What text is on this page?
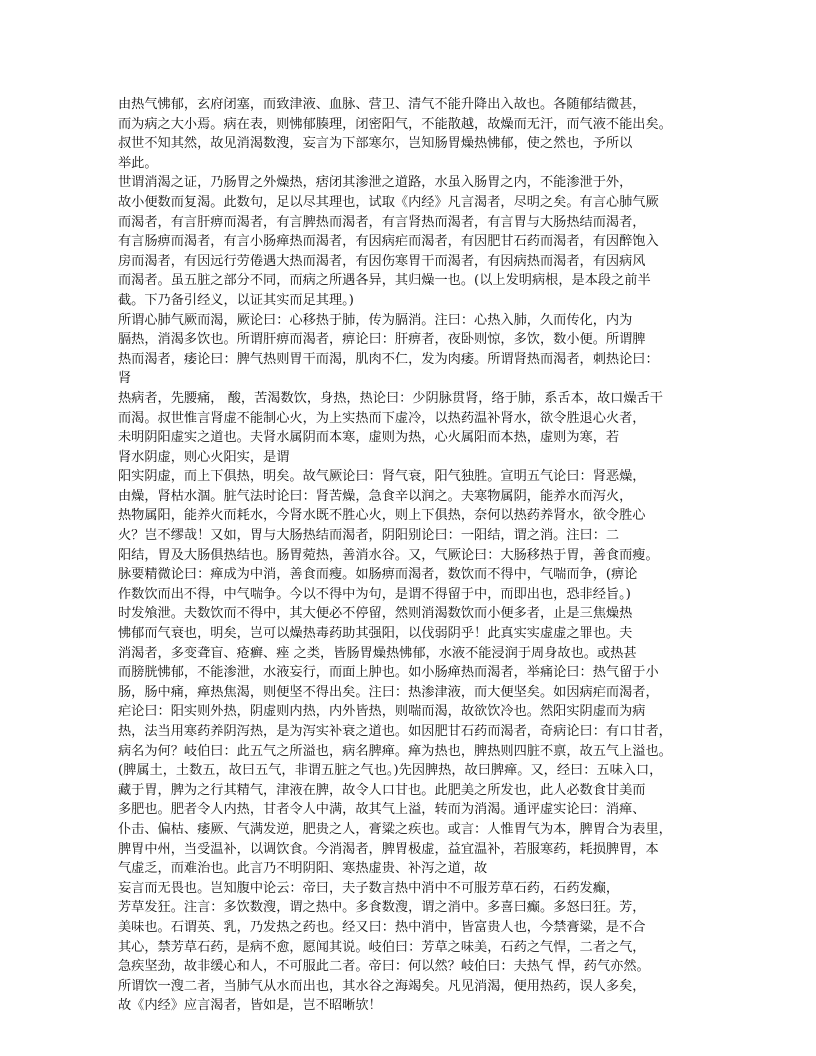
由热气怫郁，玄府闭塞，而致津液、血脉、营卫、清气不能升降出入故也。各随郁结微甚，
而为病之大小焉。病在表，则怫郁腠理，闭密阳气，不能散越，故燥而无汗，而气液不能出矣。
叔世不知其然，故见消渴数溲，妄言为下部寒尔，岂知肠胃燥热怫郁，使之然也，予所以
举此。
世谓消渴之证，乃肠胃之外燥热，痞闭其渗泄之道路，水虽入肠胃之内，不能渗泄于外，
故小便数而复渴。此数句，足以尽其理也，试取《内经》凡言渴者，尽明之矣。有言心肺气厥
而渴者，有言肝痹而渴者，有言脾热而渴者，有言肾热而渴者，有言胃与大肠热结而渴者，
有言肠痹而渴者，有言小肠瘅热而渴者，有因病疟而渴者，有因肥甘石药而渴者，有因醉饱入
房而渴者，有因远行劳倦遇大热而渴者，有因伤寒胃干而渴者，有因病热而渴者，有因病风
而渴者。虽五脏之部分不同，而病之所遇各异，其归燥一也。(以上发明病根，是本段之前半
截。下乃备引经义，以证其实而足其理。)
所谓心肺气厥而渴，厥论曰：心移热于肺，传为膈消。注曰：心热入肺，久而传化，内为
膈热，消渴多饮也。所谓肝痹而渴者，痹论曰：肝痹者，夜卧则惊，多饮，数小便。所谓脾
热而渴者，痿论曰：脾气热则胃干而渴，肌肉不仁，发为肉痿。所谓肾热而渴者，刺热论曰：
肾
热病者，先腰痛， 酸，苦渴数饮，身热，热论曰：少阴脉贯肾，络于肺，系舌本，故口燥舌干
而渴。叔世惟言肾虚不能制心火，为上实热而下虚冷，以热药温补肾水，欲令胜退心火者，
未明阴阳虚实之道也。夫肾水属阴而本寒，虚则为热，心火属阳而本热，虚则为寒，若
肾水阴虚，则心火阳实，是谓
阳实阴虚，而上下俱热，明矣。故气厥论曰：肾气衰，阳气独胜。宣明五气论曰：肾恶燥，
由燥，肾枯水涸。脏气法时论曰：肾苦燥，急食辛以润之。夫寒物属阴，能养水而泻火，
热物属阳，能养火而耗水，今肾水既不胜心火，则上下俱热，奈何以热药养肾水，欲令胜心
火？岂不缪哉！又如，胃与大肠热结而渴者，阴阳别论曰：一阳结，谓之消。注曰：二
阳结，胃及大肠俱热结也。肠胃菀热，善消水谷。又，气厥论曰：大肠移热于胃，善食而瘦。
脉要精微论曰：瘅成为中消，善食而瘦。如肠痹而渴者，数饮而不得中，气喘而争，(痹论
作数饮而出不得，中气喘争。今以不得中为句，是谓不得留于中，而即出也，恐非经旨。)
时发飧泄。夫数饮而不得中，其大便必不停留，然则消渴数饮而小便多者，止是三焦燥热
怫郁而气衰也，明矣，岂可以燥热毒药助其强阳，以伐弱阴乎！此真实实虚虚之罪也。夫
消渴者，多变聋盲、疮癣、痤 之类，皆肠胃燥热怫郁，水液不能浸润于周身故也。或热甚
而膀胱怫郁，不能渗泄，水液妄行，而面上肿也。如小肠瘅热而渴者，举痛论曰：热气留于小
肠，肠中痛，瘅热焦渴，则便坚不得出矣。注曰：热渗津液，而大便坚矣。如因病疟而渴者，
疟论曰：阳实则外热，阴虚则内热，内外皆热，则喘而渴，故欲饮冷也。然阳实阴虚而为病
热，法当用寒药养阴泻热，是为泻实补衰之道也。如因肥甘石药而渴者，奇病论曰：有口甘者，
病名为何？岐伯曰：此五气之所溢也，病名脾瘅。瘅为热也，脾热则四脏不禀，故五气上溢也。
(脾属土，土数五，故曰五气，非谓五脏之气也。)先因脾热，故曰脾瘅。又，经曰：五味入口，
藏于胃，脾为之行其精气，津液在脾，故令人口甘也。此肥美之所发也，此人必数食甘美而
多肥也。肥者令人内热，甘者令人中满，故其气上溢，转而为消渴。通评虚实论曰：消瘅、
仆击、偏枯、痿厥、气满发逆，肥贵之人，膏粱之疾也。或言：人惟胃气为本，脾胃合为表里，
脾胃中州，当受温补，以调饮食。今消渴者，脾胃极虚，益宜温补，若服寒药，耗损脾胃，本
气虚乏，而难治也。此言乃不明阴阳、寒热虚贵、补泻之道，故
妄言而无畏也。岂知腹中论云：帝曰，夫子数言热中消中不可服芳草石药，石药发癫，
芳草发狂。注言：多饮数溲，谓之热中。多食数溲，谓之消中。多喜曰癫。多怒曰狂。芳，
美味也。石谓英、乳，乃发热之药也。经又曰：热中消中，皆富贵人也，今禁膏粱，是不合
其心，禁芳草石药，是病不愈，愿闻其说。岐伯曰：芳草之味美，石药之气悍，二者之气，
急疾坚劲，故非缓心和人，不可服此二者。帝曰：何以然？岐伯曰：夫热气 悍，药气亦然。
所谓饮一溲二者，当肺气从水而出也，其水谷之海竭矣。凡见消渴，便用热药，误人多矣，
故《内经》应言渴者，皆如是，岂不昭晰欤！
